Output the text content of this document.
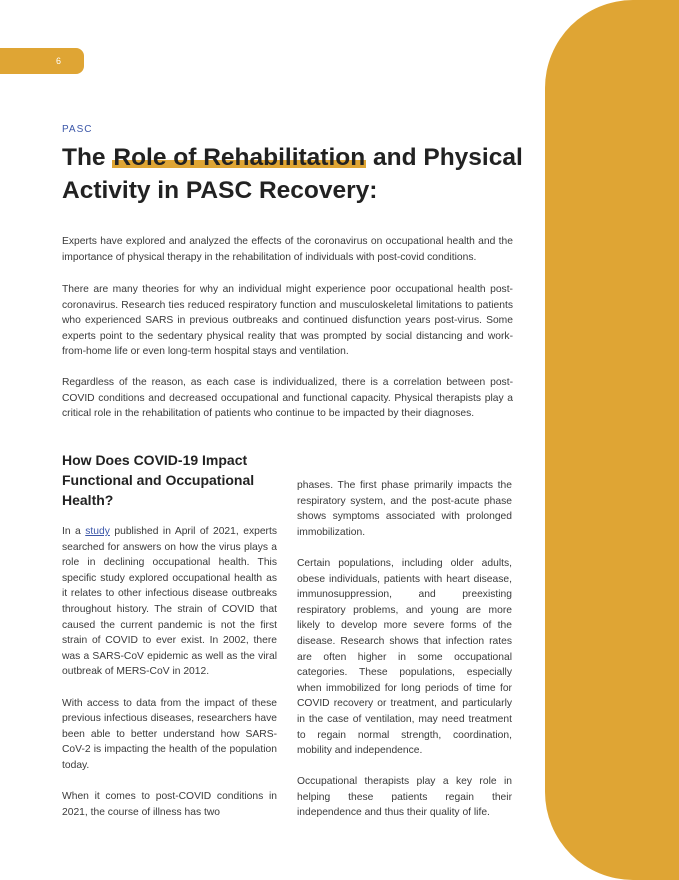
6
PASC
The Role of Rehabilitation and Physical Activity in PASC Recovery:

Experts have explored and analyzed the effects of the coronavirus on occupational health and the importance of physical therapy in the rehabilitation of individuals with post-covid conditions.

There are many theories for why an individual might experience poor occupational health post-coronavirus. Research ties reduced respiratory function and musculoskeletal limitations to patients who experienced SARS in previous outbreaks and continued disfunction years post-virus. Some experts point to the sedentary physical reality that was prompted by social distancing and work-from-home life or even long-term hospital stays and ventilation.

Regardless of the reason, as each case is individualized, there is a correlation between post-COVID conditions and decreased occupational and functional capacity. Physical therapists play a critical role in the rehabilitation of patients who continue to be impacted by their diagnoses.

How Does COVID-19 Impact Functional and Occupational Health?

In a study published in April of 2021, experts searched for answers on how the virus plays a role in declining occupational health. This specific study explored occupational health as it relates to other infectious disease outbreaks throughout history. The strain of COVID that caused the current pandemic is not the first strain of COVID to ever exist. In 2002, there was a SARS-CoV epidemic as well as the viral outbreak of MERS-CoV in 2012.

With access to data from the impact of these previous infectious diseases, researchers have been able to better understand how SARS-CoV-2 is impacting the health of the population today.

When it comes to post-COVID conditions in 2021, the course of illness has two

phases. The first phase primarily impacts the respiratory system, and the post-acute phase shows symptoms associated with prolonged immobilization.

Certain populations, including older adults, obese individuals, patients with heart disease, immunosuppression, and preexisting respiratory problems, and young are more likely to develop more severe forms of the disease. Research shows that infection rates are often higher in some occupational categories. These populations, especially when immobilized for long periods of time for COVID recovery or treatment, and particularly in the case of ventilation, may need treatment to regain normal strength, coordination, mobility and independence.

Occupational therapists play a key role in helping these patients regain their independence and thus their quality of life.
